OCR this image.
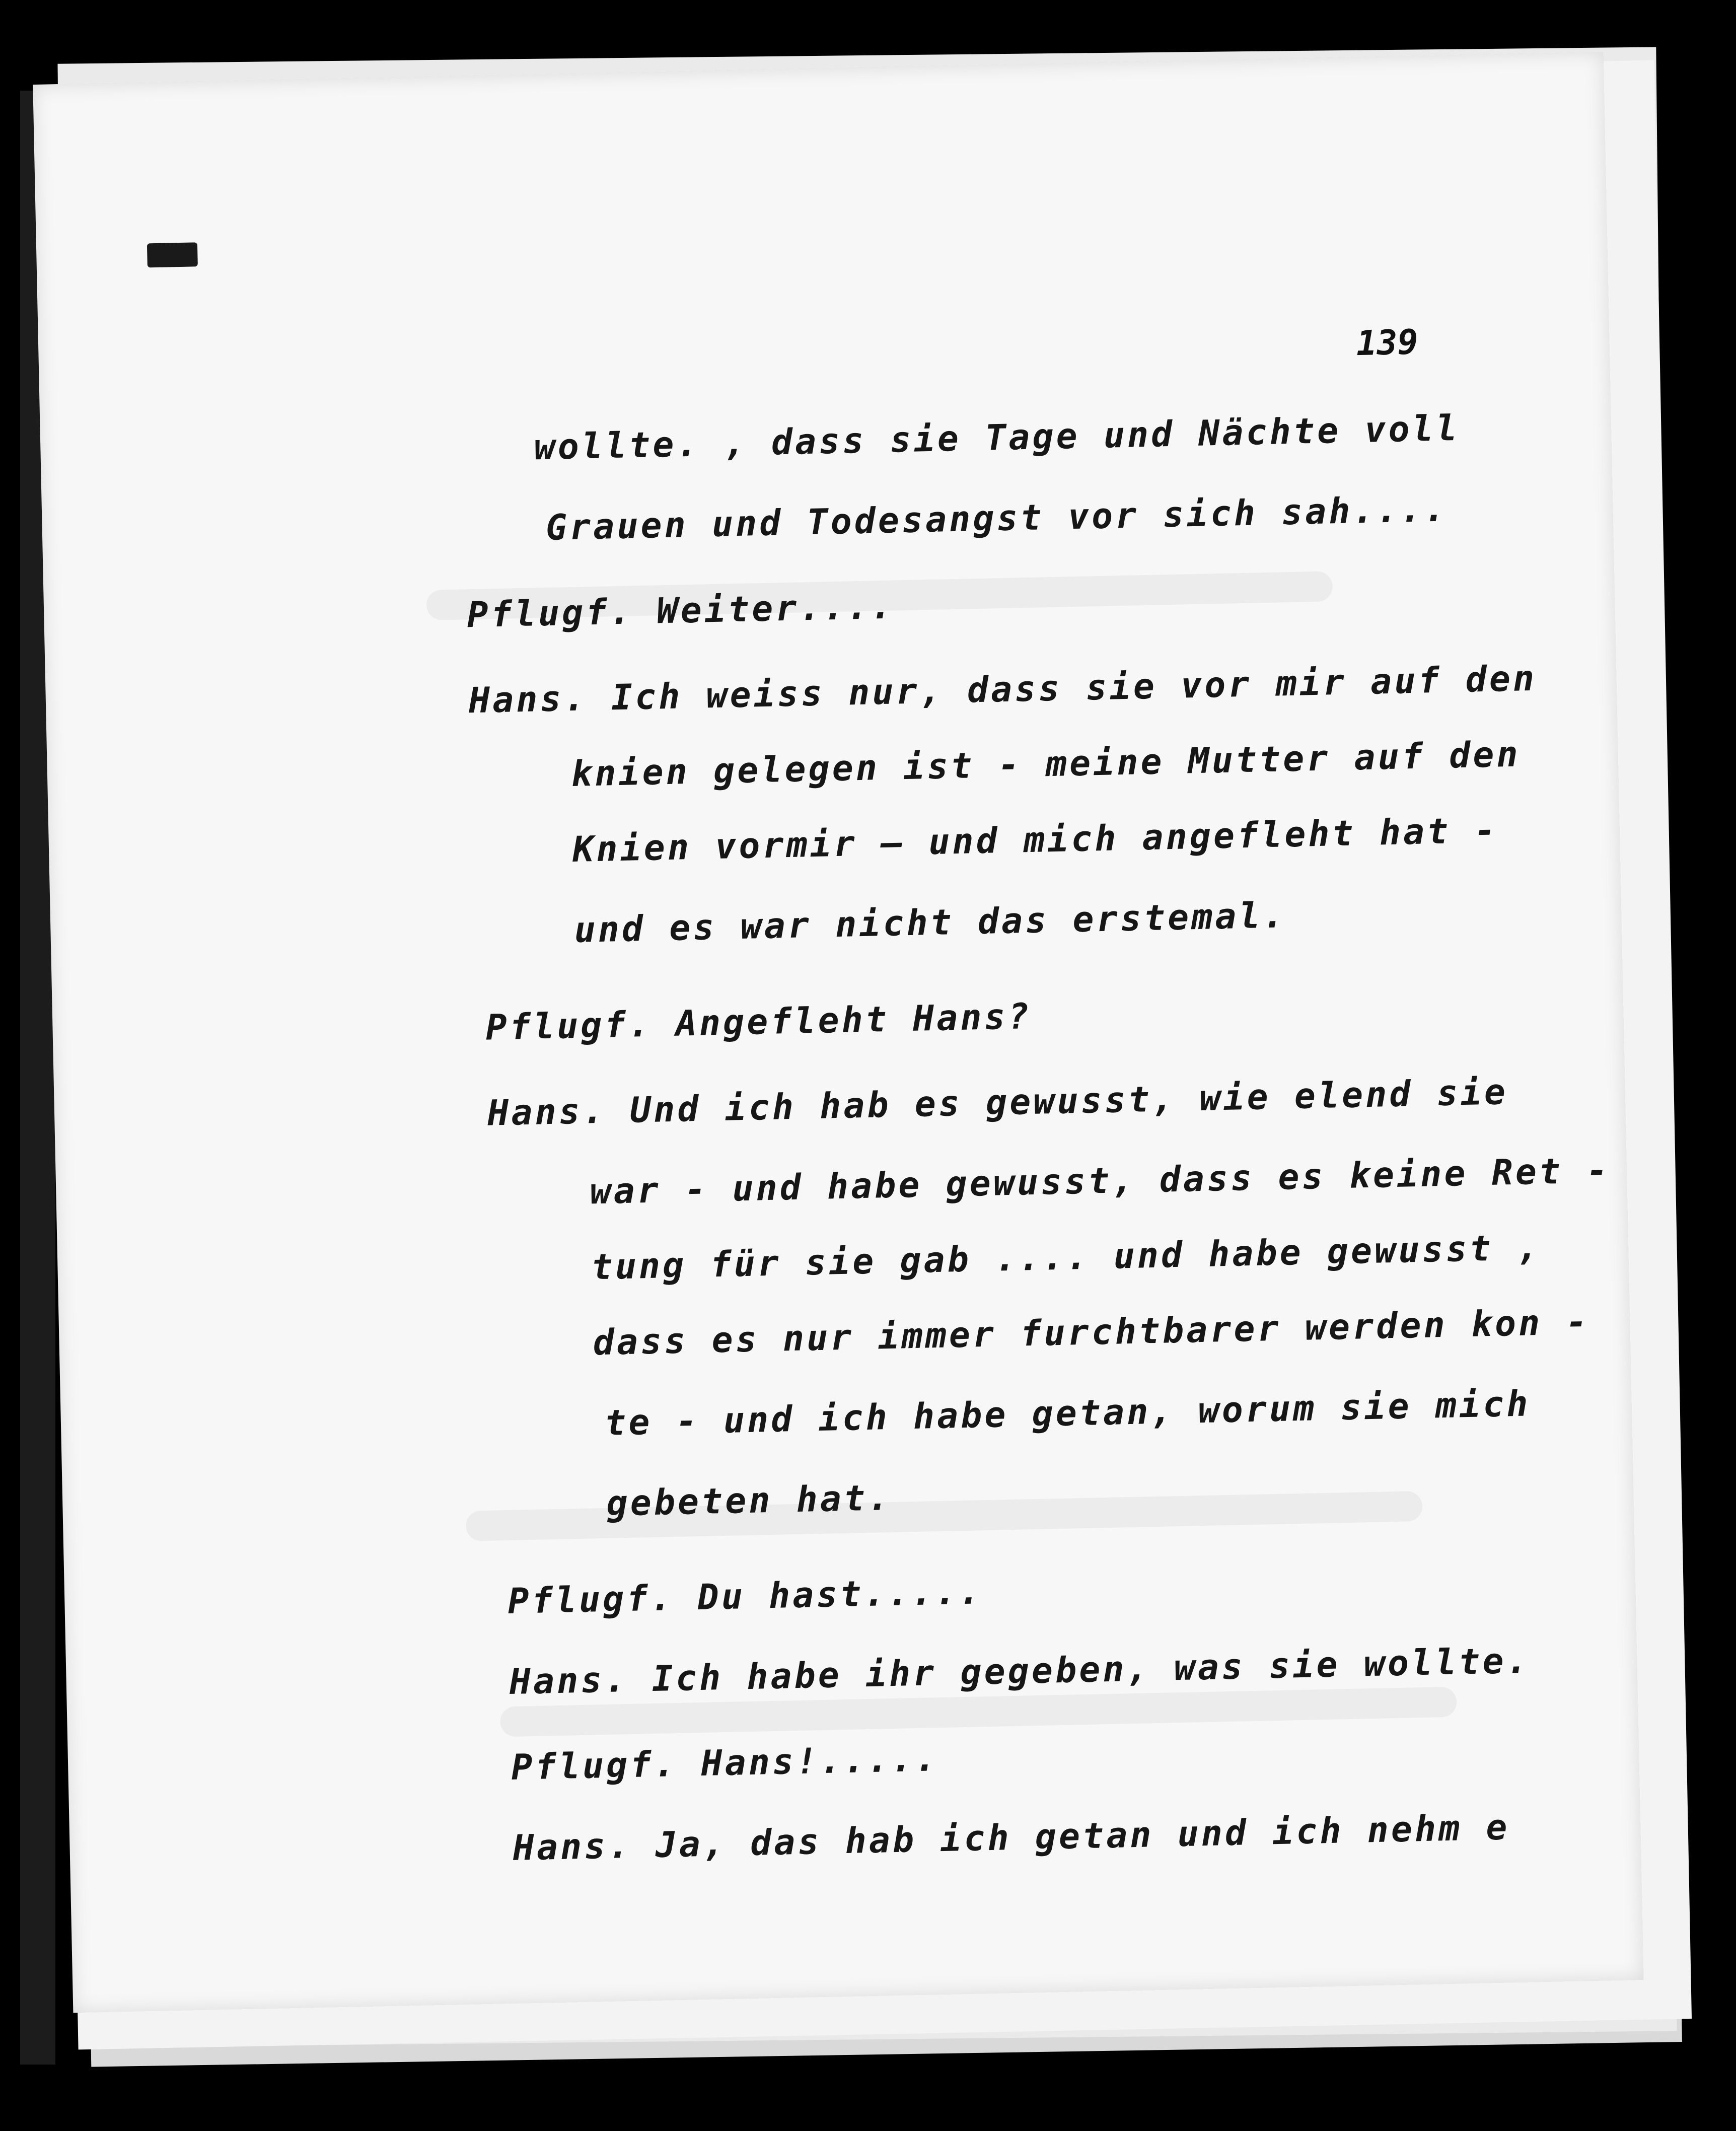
139
wollte. , dass sie Tage und Nächte voll
Grauen und Todesangst vor sich sah....
Pflugf. Weiter....
Hans. Ich weiss nur, dass sie vor mir auf den
knien gelegen ist - meine Mutter auf den
Knien vormir — und mich angefleht hat -
und es war nicht das erstemal.
Pflugf. Angefleht Hans?
Hans. Und ich hab es gewusst, wie elend sie
war - und habe gewusst, dass es keine Ret -
tung für sie gab .... und habe gewusst ,
dass es nur immer furchtbarer werden kon -
te - und ich habe getan, worum sie mich
gebeten hat.
Pflugf. Du hast.....
Hans. Ich habe ihr gegeben, was sie wollte.
Pflugf. Hans!.....
Hans. Ja, das hab ich getan und ich nehm e
